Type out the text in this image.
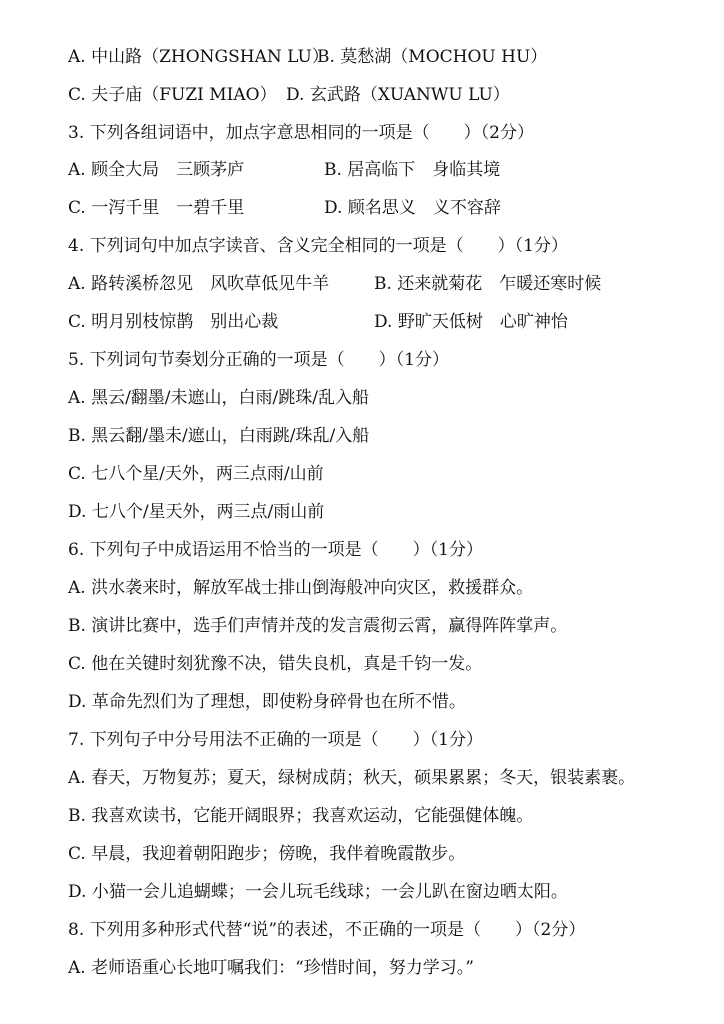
A. 中山路（ZHONGSHAN LU）
B. 莫愁湖（MOCHOU HU）
C. 夫子庙（FUZI MIAO） D. 玄武路（XUANWU LU）
3. 下列各组词语中，加点字意思相同的一项是（　　）（2分）
A. 顾全大局　三顾茅庐	B. 居高临下　身临其境
C. 一泻千里　一碧千里	D. 顾名思义　义不容辞
4. 下列词句中加点字读音、含义完全相同的一项是（　　）（1分）
A. 路转溪桥忽见　风吹草低见牛羊	B. 还来就菊花　乍暖还寒时候
C. 明月别枝惊鹊　别出心裁	D. 野旷天低树　心旷神怡
5. 下列词句节奏划分正确的一项是（　　）（1分）
A. 黑云/翻墨/未遮山，白雨/跳珠/乱入船
B. 黑云翻/墨未/遮山，白雨跳/珠乱/入船
C. 七八个星/天外，两三点雨/山前
D. 七八个/星天外，两三点/雨山前
6. 下列句子中成语运用不恰当的一项是（　　）（1分）
A. 洪水袭来时，解放军战士排山倒海般冲向灾区，救援群众。
B. 演讲比赛中，选手们声情并茂的发言震彻云霄，赢得阵阵掌声。
C. 他在关键时刻犹豫不决，错失良机，真是千钧一发。
D. 革命先烈们为了理想，即使粉身碎骨也在所不惜。
7. 下列句子中分号用法不正确的一项是（　　）（1分）
A. 春天，万物复苏；夏天，绿树成荫；秋天，硕果累累；冬天，银装素裹。
B. 我喜欢读书，它能开阔眼界；我喜欢运动，它能强健体魄。
C. 早晨，我迎着朝阳跑步；傍晚，我伴着晚霞散步。
D. 小猫一会儿追蝴蝶；一会儿玩毛线球；一会儿趴在窗边晒太阳。
8. 下列用多种形式代替“说”的表述，不正确的一项是（　　）（2分）
A. 老师语重心长地叮嘱我们：“珍惜时间，努力学习。”
